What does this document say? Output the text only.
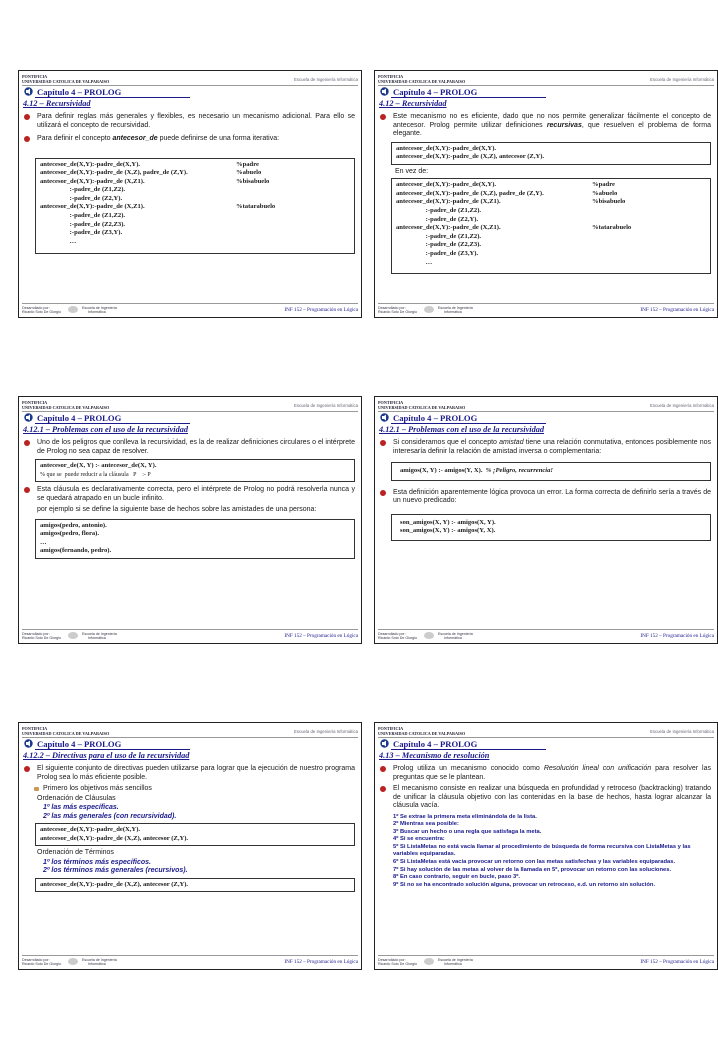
PONTIFICIA
UNIVERSIDAD CATOLICA DE VALPARAISO	Escuela de Ingeniería Informática
Capítulo 4 – PROLOG
4.12 – Recursividad
Para definir reglas más generales y flexibles, es necesario un mecanismo adicional. Para ello se utilizará el concepto de recursividad.
Para definir el concepto antecesor_de puede definirse de una forma iterativa:
antecesor_de(X,Y):-padre_de(X,Y).	%padre
antecesor_de(X,Y):-padre_de (X,Z), padre_de (Z,Y).	%abuelo
antecesor_de(X,Y):-padre_de (X,Z1).	%bisabuelo
:-padre_de (Z1,Z2).
:-padre_de (Z2,Y).
antecesor_de(X,Y):-padre_de (X,Z1).	%tatarabuelo
:-padre_de (Z1,Z2).
:-padre_de (Z2,Z3).
:-padre_de (Z3,Y).
…
Desarrollado por:
Ricardo Soto De Giorgio
Escuela de Ingeniería
Informática	INF 152 – Programación en Lógica
PONTIFICIA
UNIVERSIDAD CATOLICA DE VALPARAISO	Escuela de Ingeniería Informática
Capítulo 4 – PROLOG
4.12 – Recursividad
Este mecanismo no es eficiente, dado que no nos permite generalizar fácilmente el concepto de antecesor. Prolog permite utilizar definiciones recursivas, que resuelven el problema de forma elegante.
antecesor_de(X,Y):-padre_de(X,Y).
antecesor_de(X,Y):-padre_de (X,Z), antecesor (Z,Y).
En vez de:
antecesor_de(X,Y):-padre_de(X,Y).	%padre
antecesor_de(X,Y):-padre_de (X,Z), padre_de (Z,Y).	%abuelo
antecesor_de(X,Y):-padre_de (X,Z1).	%bisabuelo
:-padre_de (Z1,Z2).
:-padre_de (Z2,Y).
antecesor_de(X,Y):-padre_de (X,Z1).	%tatarabuelo
:-padre_de (Z1,Z2).
:-padre_de (Z2,Z3).
:-padre_de (Z3,Y).
…
Desarrollado por:
Ricardo Soto De Giorgio
Escuela de Ingeniería
Informática	INF 152 – Programación en Lógica
PONTIFICIA
UNIVERSIDAD CATOLICA DE VALPARAISO	Escuela de Ingeniería Informática
Capítulo 4 – PROLOG
4.12.1 – Problemas con el uso de la recursividad
Uno de los peligros que conlleva la recursividad, es la de realizar definiciones circulares o el intérprete de Prolog no sea capaz de resolver.
antecesor_de(X, Y) :- antecesor_de(X, Y).
% que se  puede reducir a la cláusula   P    :- P
Esta cláusula es declarativamente correcta, pero el intérprete de Prolog no podrá resolverla nunca y se quedará atrapado en un bucle infinito.
por ejemplo si se define la siguiente base de hechos sobre las amistades de una persona:
amigos(pedro, antonio).
amigos(pedro, flora).
…
amigos(fernando, pedro).
Desarrollado por:
Ricardo Soto De Giorgio
Escuela de Ingeniería
Informática	INF 152 – Programación en Lógica
PONTIFICIA
UNIVERSIDAD CATOLICA DE VALPARAISO	Escuela de Ingeniería Informática
Capítulo 4 – PROLOG
4.12.1 – Problemas con el uso de la recursividad
Si consideramos que el concepto amistad tiene una relación conmutativa, entonces posiblemente nos interesaría definir la relación de amistad inversa o complementaria:
amigos(X, Y) :- amigos(Y, X).  % ¡Peligro, recurrencia!
Esta definición aparentemente lógica provoca un error. La forma correcta de definirlo sería a través de un nuevo predicado:
son_amigos(X, Y) :- amigos(X, Y).
son_amigos(X, Y) :- amigos(Y, X).
Desarrollado por:
Ricardo Soto De Giorgio
Escuela de Ingeniería
Informática	INF 152 – Programación en Lógica
PONTIFICIA
UNIVERSIDAD CATOLICA DE VALPARAISO	Escuela de Ingeniería Informática
Capítulo 4 – PROLOG
4.12.2 – Directivas para el uso de la recursividad
El siguiente conjunto de directivas pueden utilizarse para lograr que la ejecución de nuestro programa Prolog sea lo más eficiente posible.
Primero los objetivos más sencillos
Ordenación de Cláusulas
1º las más específicas.
2º las más generales (con recursividad).
antecesor_de(X,Y):-padre_de(X,Y).
antecesor_de(X,Y):-padre_de (X,Z), antecesor (Z,Y).
Ordenación de Términos
1º los términos más específicos.
2º los términos más generales (recursivos).
antecesor_de(X,Y):-padre_de (X,Z), antecesor (Z,Y).
Desarrollado por:
Ricardo Soto De Giorgio
Escuela de Ingeniería
Informática	INF 152 – Programación en Lógica
PONTIFICIA
UNIVERSIDAD CATOLICA DE VALPARAISO	Escuela de Ingeniería Informática
Capítulo 4 – PROLOG
4.13 – Mecanismo de resolución
Prolog utiliza un mecanismo conocido como Resolución lineal con unificación para resolver las preguntas que se le plantean.
El mecanismo consiste en realizar una búsqueda en profundidad y retroceso (backtracking) tratando de unificar la cláusula objetivo con las contenidas en la base de hechos, hasta lograr alcanzar la cláusula vacía.
1º Se extrae la primera meta eliminándola de la lista.
2º Mientras sea posible:
3º Buscar un hecho o una regla que satisfaga la meta.
4º Si se encuentra:
5º Si ListaMetas no está vacía llamar al procedimiento de búsqueda de forma recursiva con ListaMetas y las variables equiparadas.
6º Si ListaMetas está vacía provocar un retorno con las metas satisfechas y las variables equiparadas.
7º Si hay solución de las metas al volver de la llamada en 5º, provocar un retorno con las soluciones.
8º En caso contrario, seguir en bucle, paso 3º.
9º Si no se ha encontrado solución alguna, provocar un retroceso, e.d. un retorno sin solución.
Desarrollado por:
Ricardo Soto De Giorgio
Escuela de Ingeniería
Informática	INF 152 – Programación en Lógica
